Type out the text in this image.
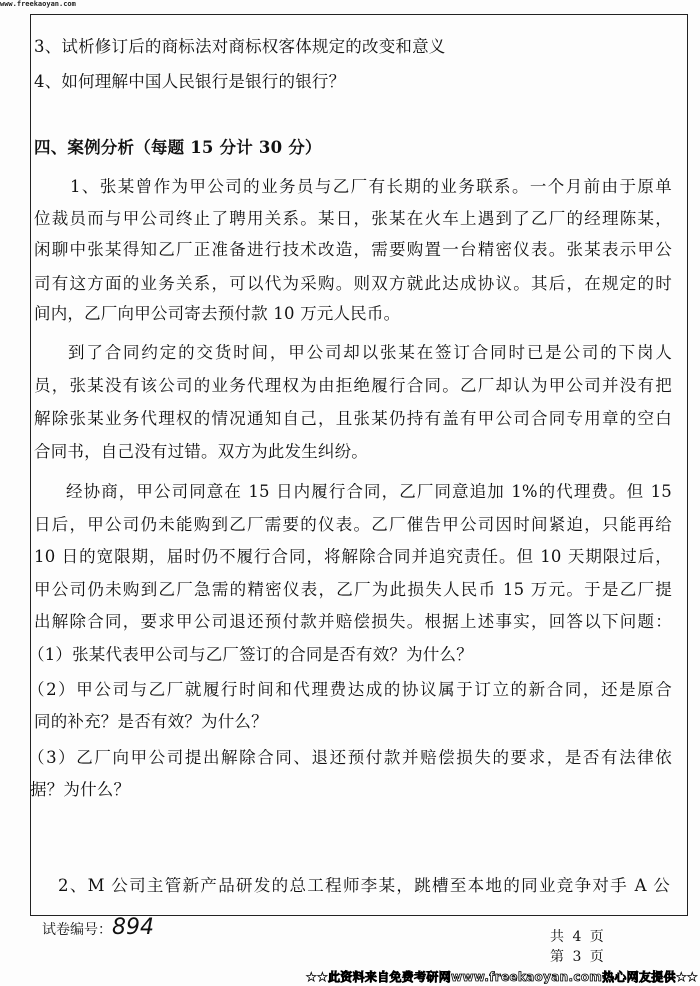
www.freekaoyan.com
3、试析修订后的商标法对商标权客体规定的改变和意义
4、如何理解中国人民银行是银行的银行？
四、案例分析（每题 15 分计 30 分）
1、张某曾作为甲公司的业务员与乙厂有长期的业务联系。一个月前由于原单
位裁员而与甲公司终止了聘用关系。某日，张某在火车上遇到了乙厂的经理陈某，
闲聊中张某得知乙厂正准备进行技术改造，需要购置一台精密仪表。张某表示甲公
司有这方面的业务关系，可以代为采购。则双方就此达成协议。其后，在规定的时
间内，乙厂向甲公司寄去预付款 10 万元人民币。
到了合同约定的交货时间，甲公司却以张某在签订合同时已是公司的下岗人
员，张某没有该公司的业务代理权为由拒绝履行合同。乙厂却认为甲公司并没有把
解除张某业务代理权的情况通知自己，且张某仍持有盖有甲公司合同专用章的空白
合同书，自己没有过错。双方为此发生纠纷。
经协商，甲公司同意在 15 日内履行合同，乙厂同意追加 1%的代理费。但 15
日后，甲公司仍未能购到乙厂需要的仪表。乙厂催告甲公司因时间紧迫，只能再给
10 日的宽限期，届时仍不履行合同，将解除合同并追究责任。但 10 天期限过后，
甲公司仍未购到乙厂急需的精密仪表，乙厂为此损失人民币 15 万元。于是乙厂提
出解除合同，要求甲公司退还预付款并赔偿损失。根据上述事实，回答以下问题：
（1）张某代表甲公司与乙厂签订的合同是否有效？为什么？
（2）甲公司与乙厂就履行时间和代理费达成的协议属于订立的新合同，还是原合
同的补充？是否有效？为什么？
（3）乙厂向甲公司提出解除合同、退还预付款并赔偿损失的要求，是否有法律依
据？为什么？
2、M 公司主管新产品研发的总工程师李某，跳槽至本地的同业竞争对手 A 公
试卷编号：894	共 4 页
第 3 页
★★此资料来自免费考研网www.freekaoyan.com热心网友提供★★
